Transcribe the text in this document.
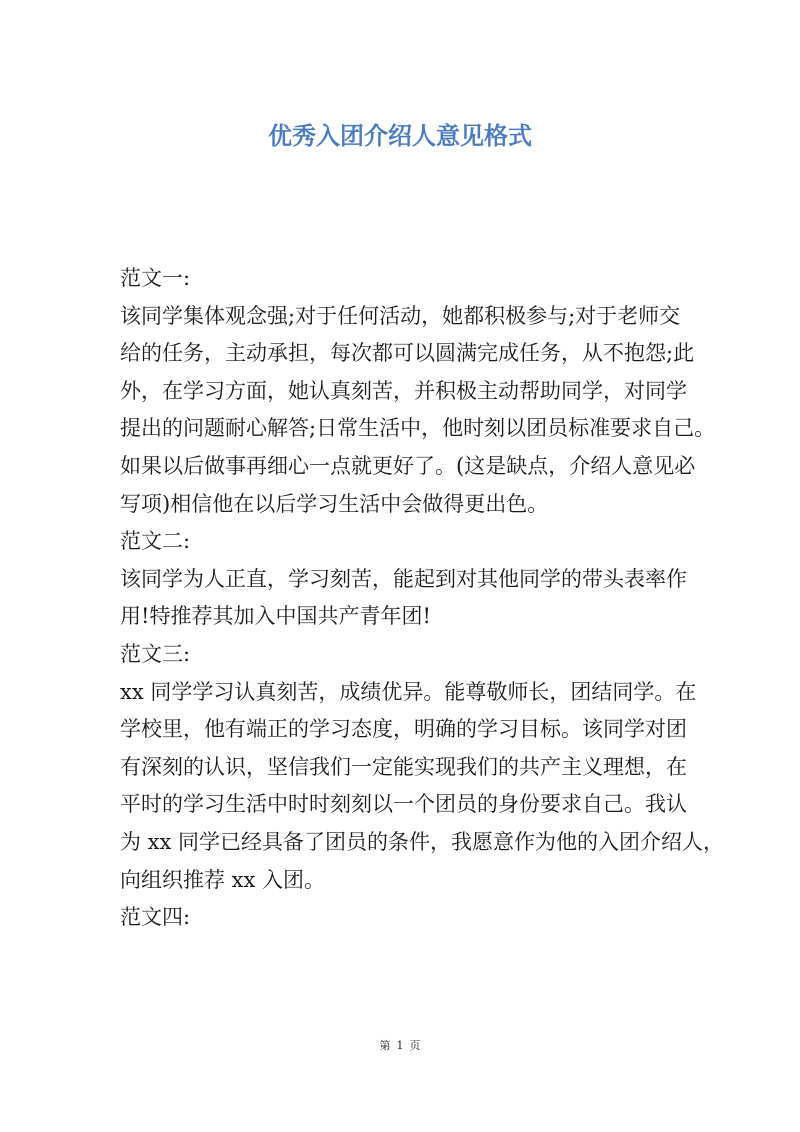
优秀入团介绍人意见格式

范文一:

该同学集体观念强;对于任何活动，她都积极参与;对于老师交

给的任务，主动承担，每次都可以圆满完成任务，从不抱怨;此

外，在学习方面，她认真刻苦，并积极主动帮助同学，对同学

提出的问题耐心解答;日常生活中，他时刻以团员标准要求自己。

如果以后做事再细心一点就更好了。(这是缺点，介绍人意见必

写项)相信他在以后学习生活中会做得更出色。

范文二:

该同学为人正直，学习刻苦，能起到对其他同学的带头表率作

用!特推荐其加入中国共产青年团!

范文三:

xx 同学学习认真刻苦，成绩优异。能尊敬师长，团结同学。在

学校里，他有端正的学习态度，明确的学习目标。该同学对团

有深刻的认识，坚信我们一定能实现我们的共产主义理想，在

平时的学习生活中时时刻刻以一个团员的身份要求自己。我认

为 xx 同学已经具备了团员的条件，我愿意作为他的入团介绍人，

向组织推荐 xx 入团。

范文四:

第 1 页
